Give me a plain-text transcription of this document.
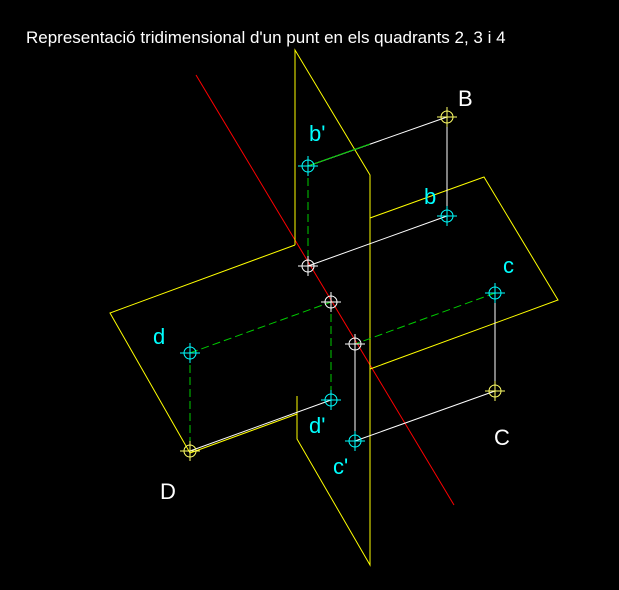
Representació tridimensional d'un punt en els quadrants 2, 3 i 4
B
b'
b
c
d
d'	C
c'
D
